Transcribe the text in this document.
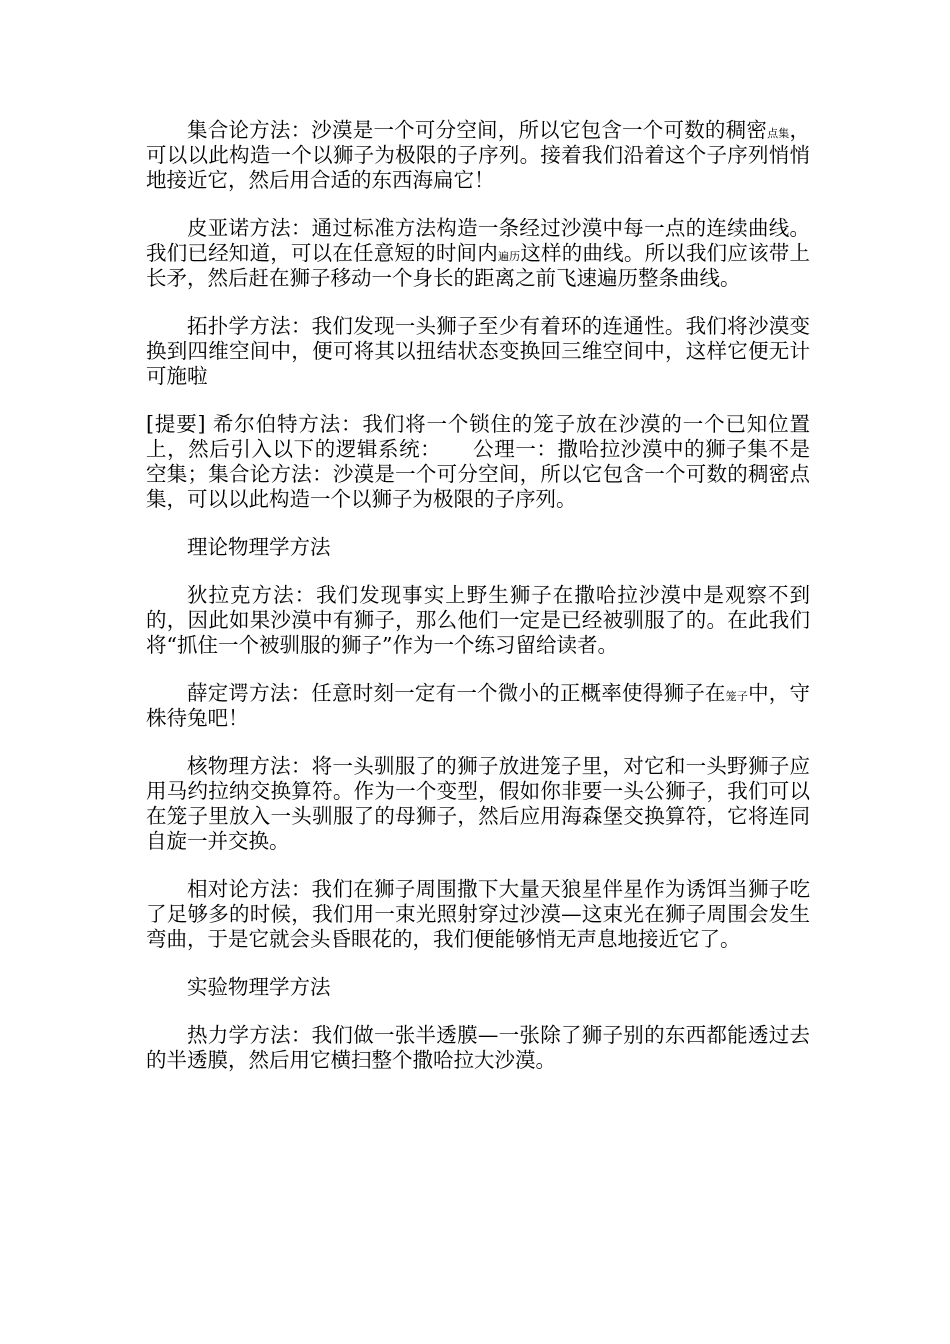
集合论方法：沙漠是一个可分空间，所以它包含一个可数的稠密点集，可以以此构造一个以狮子为极限的子序列。接着我们沿着这个子序列悄悄地接近它，然后用合适的东西海扁它！

皮亚诺方法：通过标准方法构造一条经过沙漠中每一点的连续曲线。我们已经知道，可以在任意短的时间内遍历这样的曲线。所以我们应该带上长矛，然后赶在狮子移动一个身长的距离之前飞速遍历整条曲线。

拓扑学方法：我们发现一头狮子至少有着环的连通性。我们将沙漠变换到四维空间中，便可将其以扭结状态变换回三维空间中，这样它便无计可施啦

[提要] 希尔伯特方法：我们将一个锁住的笼子放在沙漠的一个已知位置上，然后引入以下的逻辑系统：　　公理一：撒哈拉沙漠中的狮子集不是空集；集合论方法：沙漠是一个可分空间，所以它包含一个可数的稠密点集，可以以此构造一个以狮子为极限的子序列。

理论物理学方法

狄拉克方法：我们发现事实上野生狮子在撒哈拉沙漠中是观察不到的，因此如果沙漠中有狮子，那么他们一定是已经被驯服了的。在此我们将“抓住一个被驯服的狮子”作为一个练习留给读者。

薛定谔方法：任意时刻一定有一个微小的正概率使得狮子在笼子中，守株待兔吧！

核物理方法：将一头驯服了的狮子放进笼子里，对它和一头野狮子应用马约拉纳交换算符。作为一个变型，假如你非要一头公狮子，我们可以在笼子里放入一头驯服了的母狮子，然后应用海森堡交换算符，它将连同自旋一并交换。

相对论方法：我们在狮子周围撒下大量天狼星伴星作为诱饵当狮子吃了足够多的时候，我们用一束光照射穿过沙漠—这束光在狮子周围会发生弯曲，于是它就会头昏眼花的，我们便能够悄无声息地接近它了。

实验物理学方法

热力学方法：我们做一张半透膜—一张除了狮子别的东西都能透过去的半透膜，然后用它横扫整个撒哈拉大沙漠。
